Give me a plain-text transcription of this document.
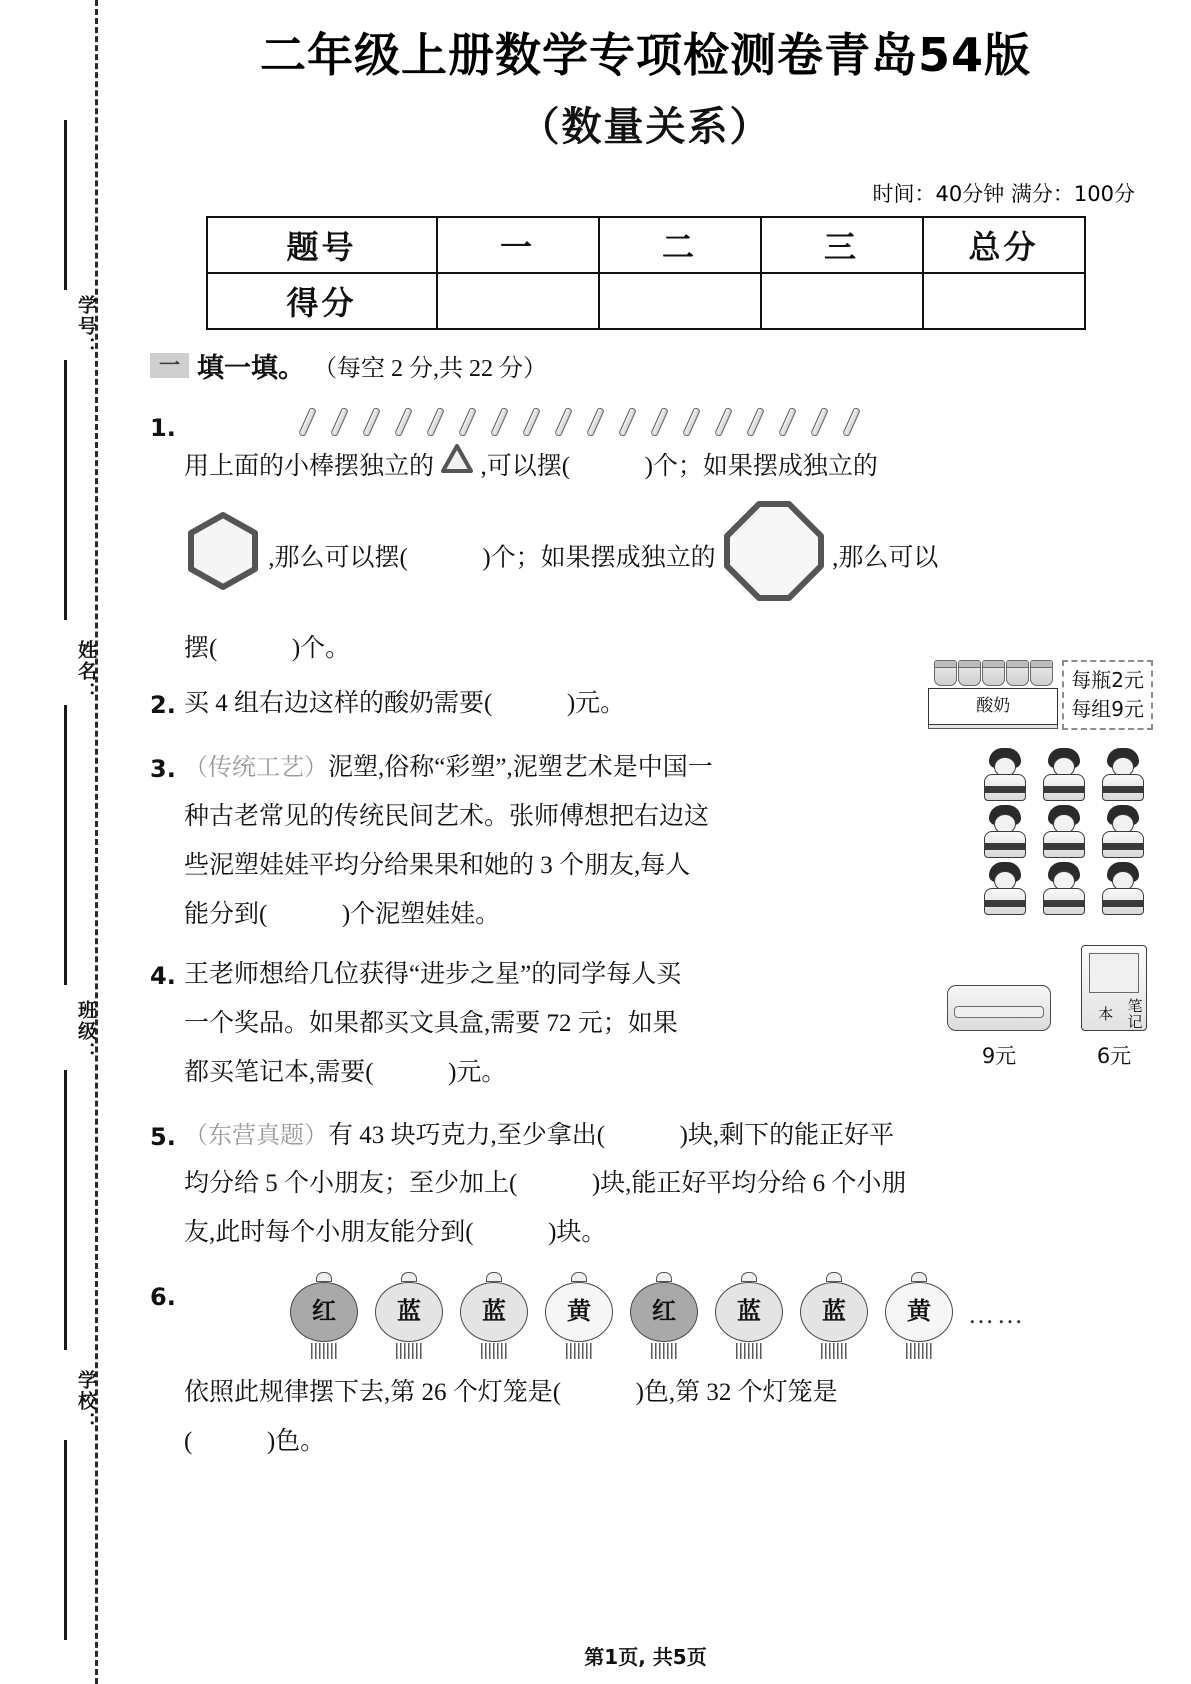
学号：
姓名：
班级：
学校：
二年级上册数学专项检测卷青岛54版
（数量关系）
时间：40分钟 满分：100分
题号	一	二	三	总分
得分				
一 填一填。 （每空 2 分,共 22 分）
1.
用上面的小棒摆独立的 ,可以摆(	)个；如果摆成独立的
,那么可以摆(	)个；如果摆成独立的	,那么可以
摆(	)个。
2. 买 4 组右边这样的酸奶需要(	)元。	酸奶
每瓶2元
每组9元
3. （传统工艺）泥塑,俗称“彩塑”,泥塑艺术是中国一
种古老常见的传统民间艺术。张师傅想把右边这
些泥塑娃娃平均分给果果和她的 3 个朋友,每人
能分到(	)个泥塑娃娃。
4. 王老师想给几位获得“进步之星”的同学每人买
一个奖品。如果都买文具盒,需要 72 元；如果
都买笔记本,需要(	)元。
9元
笔记本
6元
5. （东营真题）有 43 块巧克力,至少拿出(	)块,剩下的能正好平
均分给 5 个小朋友；至少加上(	)块,能正好平均分给 6 个小朋
友,此时每个小朋友能分到(	)块。
6.
红	蓝	蓝	黄	红	蓝	蓝	黄	……
依照此规律摆下去,第 26 个灯笼是(	)色,第 32 个灯笼是
(	)色。
第1页, 共5页
